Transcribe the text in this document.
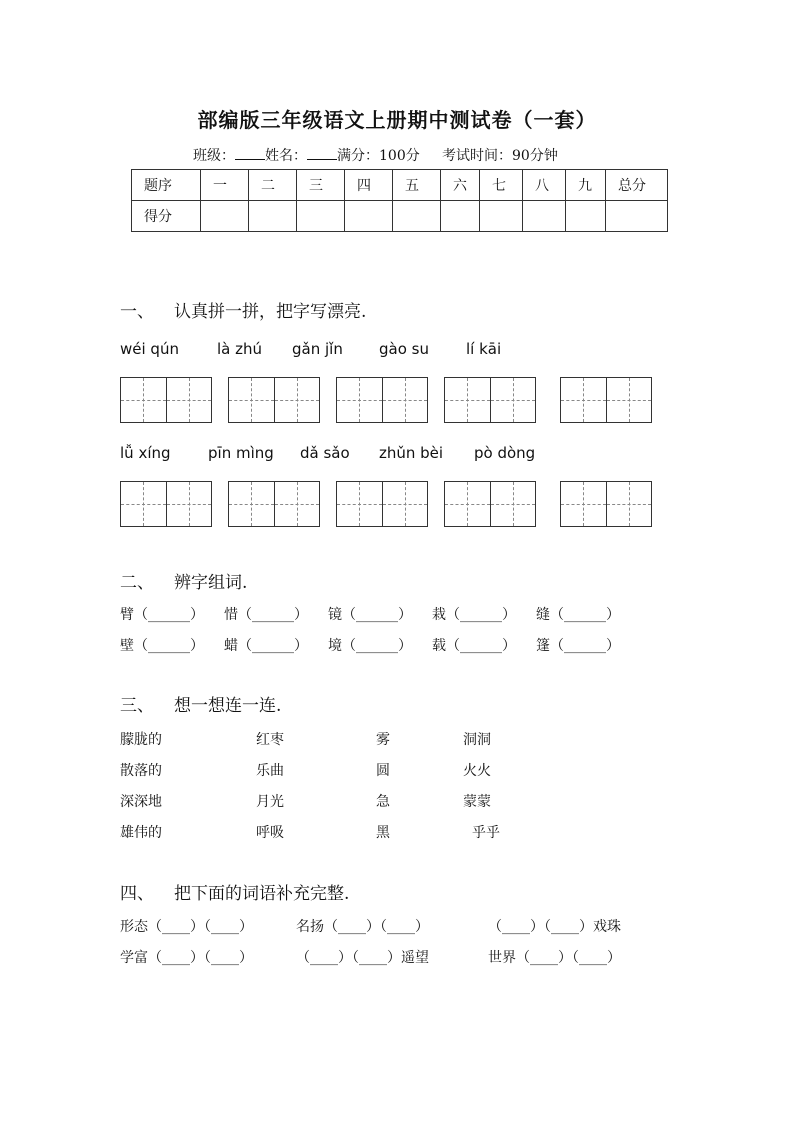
部编版三年级语文上册期中测试卷（一套）
班级： 姓名： 满分：100分 考试时间：90分钟
题序	一	二	三	四	五	六	七	八	九	总分
得分										
一、 认真拼一拼，把字写漂亮.
wéi qún	là zhú gǎn jǐn gào su lí kāi
lǚ xíng pīn mìng dǎ sǎo zhǔn bèi pò dòng
二、 辨字组词.
臂（______） 惜（______） 镜（______） 栽（______） 缝（______）
壁（______） 蜡（______） 境（______） 载（______） 篷（______）
三、 想一想连一连.
朦胧的	红枣	雾	洞洞
散落的	乐曲	圆	火火
深深地	月光	急	蒙蒙
雄伟的	呼吸	黑	乎乎
四、 把下面的词语补充完整.
形态（____）（____）	名扬（____）（____）	（____）（____）戏珠
学富（____）（____）	（____）（____）遥望	世界（____）（____）
